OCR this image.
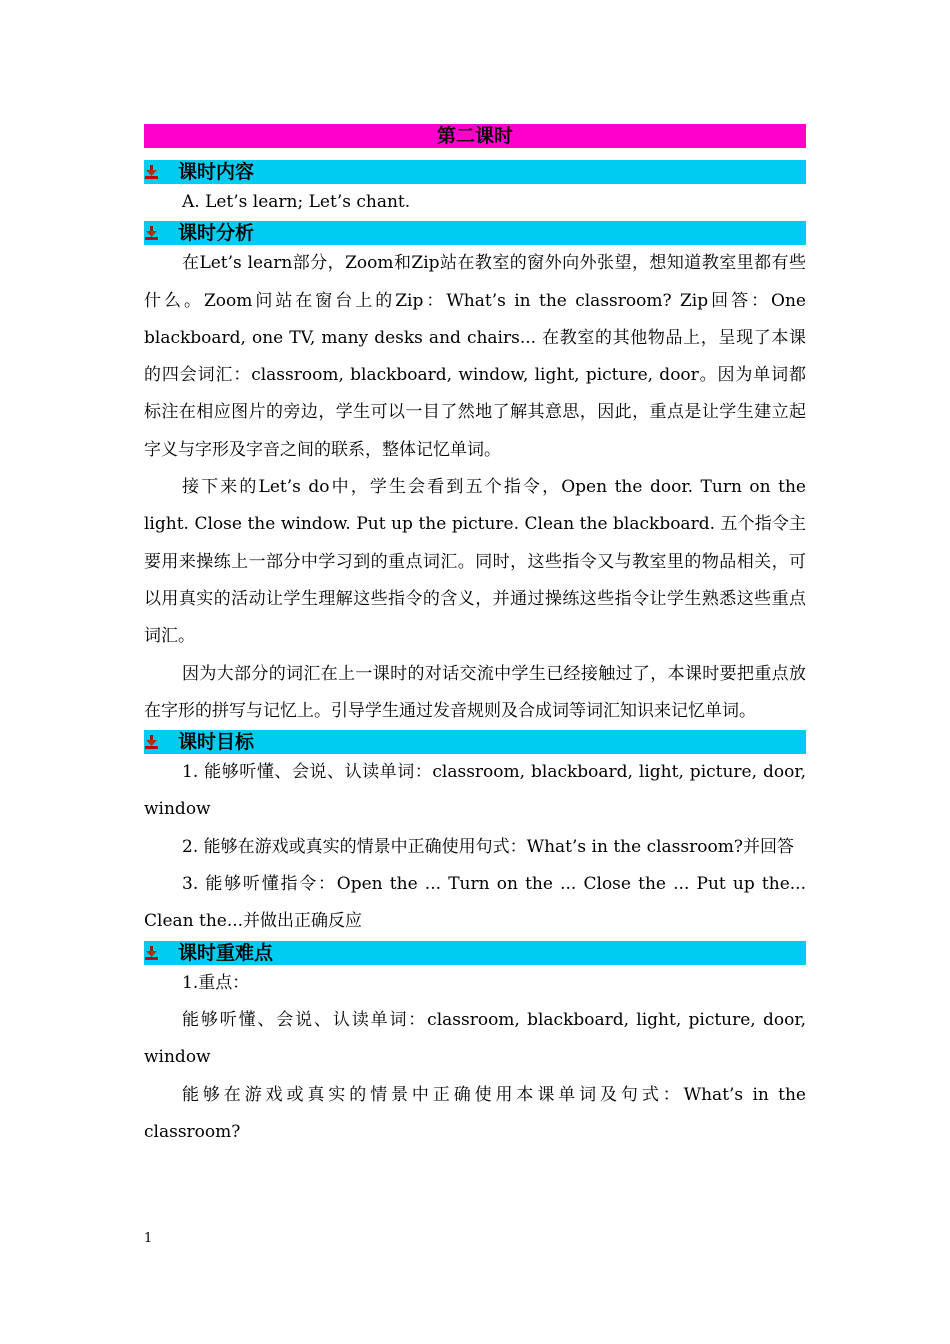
第二课时
课时内容

A. Let’s learn; Let’s chant.

课时分析

在Let’s learn部分，Zoom和Zip站在教室的窗外向外张望，想知道教室里都有些什么。Zoom问站在窗台上的Zip：What’s in the classroom? Zip回答：One blackboard, one TV, many desks and chairs... 在教室的其他物品上，呈现了本课的四会词汇：classroom, blackboard, window, light, picture, door。因为单词都标注在相应图片的旁边，学生可以一目了然地了解其意思，因此，重点是让学生建立起字义与字形及字音之间的联系，整体记忆单词。

接下来的Let’s do中，学生会看到五个指令，Open the door. Turn on the light. Close the window. Put up the picture. Clean the blackboard. 五个指令主要用来操练上一部分中学习到的重点词汇。同时，这些指令又与教室里的物品相关，可以用真实的活动让学生理解这些指令的含义，并通过操练这些指令让学生熟悉这些重点词汇。

因为大部分的词汇在上一课时的对话交流中学生已经接触过了，本课时要把重点放在字形的拼写与记忆上。引导学生通过发音规则及合成词等词汇知识来记忆单词。

课时目标

1. 能够听懂、会说、认读单词：classroom, blackboard, light, picture, door, window

2. 能够在游戏或真实的情景中正确使用句式：What’s in the classroom?并回答

3. 能够听懂指令：Open the ... Turn on the ... Close the ... Put up the... Clean the...并做出正确反应

课时重难点

1.重点：

能够听懂、会说、认读单词：classroom, blackboard, light, picture, door, window

能够在游戏或真实的情景中正确使用本课单词及句式：What’s in the classroom?

1
